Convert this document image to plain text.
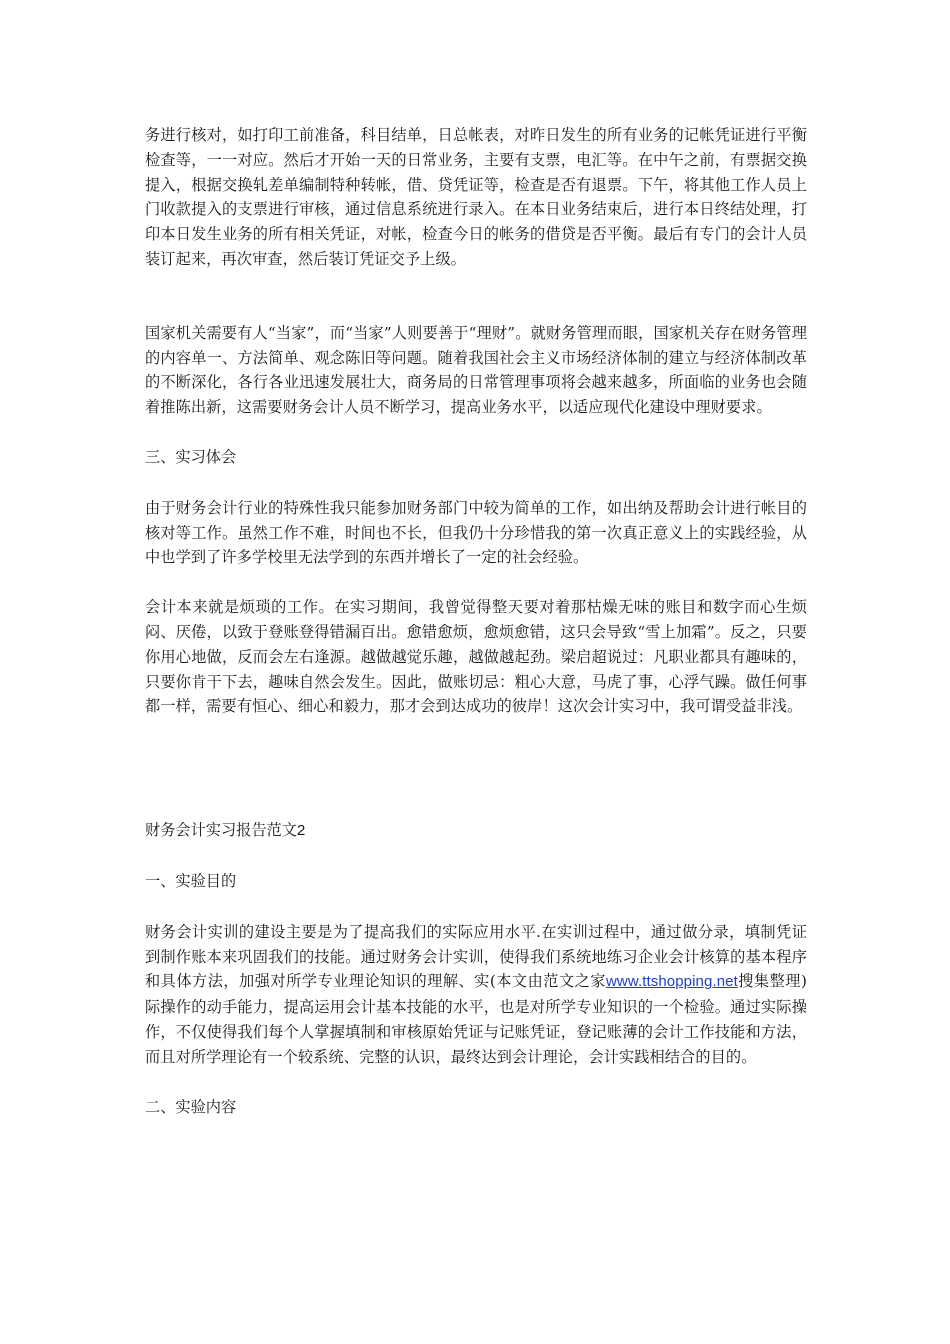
务进行核对，如打印工前准备，科目结单，日总帐表，对昨日发生的所有业务的记帐凭证进行平衡检查等，一一对应。然后才开始一天的日常业务，主要有支票，电汇等。在中午之前，有票据交换提入，根据交换轧差单编制特种转帐，借、贷凭证等，检查是否有退票。下午，将其他工作人员上门收款提入的支票进行审核，通过信息系统进行录入。在本日业务结束后，进行本日终结处理，打印本日发生业务的所有相关凭证，对帐，检查今日的帐务的借贷是否平衡。最后有专门的会计人员装订起来，再次审查，然后装订凭证交予上级。

国家机关需要有人“当家”，而“当家”人则要善于“理财”。就财务管理而眼，国家机关存在财务管理的内容单一、方法简单、观念陈旧等问题。随着我国社会主义市场经济体制的建立与经济体制改革的不断深化，各行各业迅速发展壮大，商务局的日常管理事项将会越来越多，所面临的业务也会随着推陈出新，这需要财务会计人员不断学习，提高业务水平，以适应现代化建设中理财要求。

三、实习体会

由于财务会计行业的特殊性我只能参加财务部门中较为简单的工作，如出纳及帮助会计进行帐目的核对等工作。虽然工作不难，时间也不长，但我仍十分珍惜我的第一次真正意义上的实践经验，从中也学到了许多学校里无法学到的东西并增长了一定的社会经验。

会计本来就是烦琐的工作。在实习期间，我曾觉得整天要对着那枯燥无味的账目和数字而心生烦闷、厌倦，以致于登账登得错漏百出。愈错愈烦，愈烦愈错，这只会导致“雪上加霜”。反之，只要你用心地做，反而会左右逢源。越做越觉乐趣，越做越起劲。梁启超说过：凡职业都具有趣味的，只要你肯干下去，趣味自然会发生。因此，做账切忌：粗心大意，马虎了事，心浮气躁。做任何事都一样，需要有恒心、细心和毅力，那才会到达成功的彼岸！这次会计实习中，我可谓受益非浅。

财务会计实习报告范文2

一、实验目的

财务会计实训的建设主要是为了提高我们的实际应用水平.在实训过程中，通过做分录，填制凭证到制作账本来巩固我们的技能。通过财务会计实训，使得我们系统地练习企业会计核算的基本程序和具体方法，加强对所学专业理论知识的理解、实(本文由范文之家www.ttshopping.net搜集整理)际操作的动手能力，提高运用会计基本技能的水平，也是对所学专业知识的一个检验。通过实际操作，不仅使得我们每个人掌握填制和审核原始凭证与记账凭证，登记账薄的会计工作技能和方法，而且对所学理论有一个较系统、完整的认识，最终达到会计理论，会计实践相结合的目的。

二、实验内容
